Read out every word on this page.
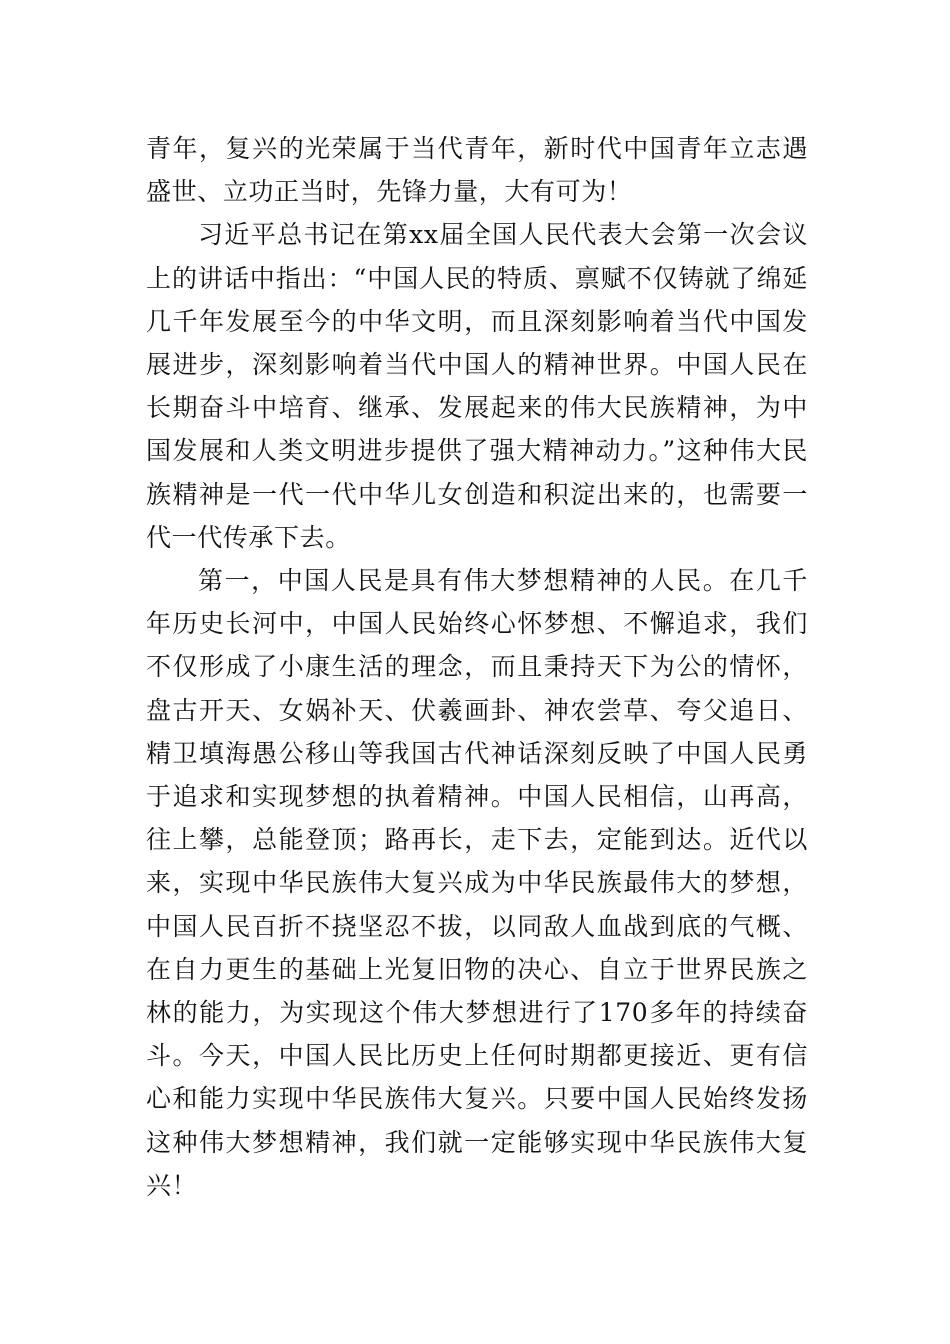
青年，复兴的光荣属于当代青年，新时代中国青年立志遇盛世、立功正当时，先锋力量，大有可为！

习近平总书记在第xx届全国人民代表大会第一次会议上的讲话中指出：“中国人民的特质、禀赋不仅铸就了绵延几千年发展至今的中华文明，而且深刻影响着当代中国发展进步，深刻影响着当代中国人的精神世界。中国人民在长期奋斗中培育、继承、发展起来的伟大民族精神，为中国发展和人类文明进步提供了强大精神动力。”这种伟大民族精神是一代一代中华儿女创造和积淀出来的，也需要一代一代传承下去。

第一，中国人民是具有伟大梦想精神的人民。在几千年历史长河中，中国人民始终心怀梦想、不懈追求，我们不仅形成了小康生活的理念，而且秉持天下为公的情怀，盘古开天、女娲补天、伏羲画卦、神农尝草、夸父追日、精卫填海愚公移山等我国古代神话深刻反映了中国人民勇于追求和实现梦想的执着精神。中国人民相信，山再高，往上攀，总能登顶；路再长，走下去，定能到达。近代以来，实现中华民族伟大复兴成为中华民族最伟大的梦想，中国人民百折不挠坚忍不拔，以同敌人血战到底的气概、在自力更生的基础上光复旧物的决心、自立于世界民族之林的能力，为实现这个伟大梦想进行了170多年的持续奋斗。今天，中国人民比历史上任何时期都更接近、更有信心和能力实现中华民族伟大复兴。只要中国人民始终发扬这种伟大梦想精神，我们就一定能够实现中华民族伟大复兴！
